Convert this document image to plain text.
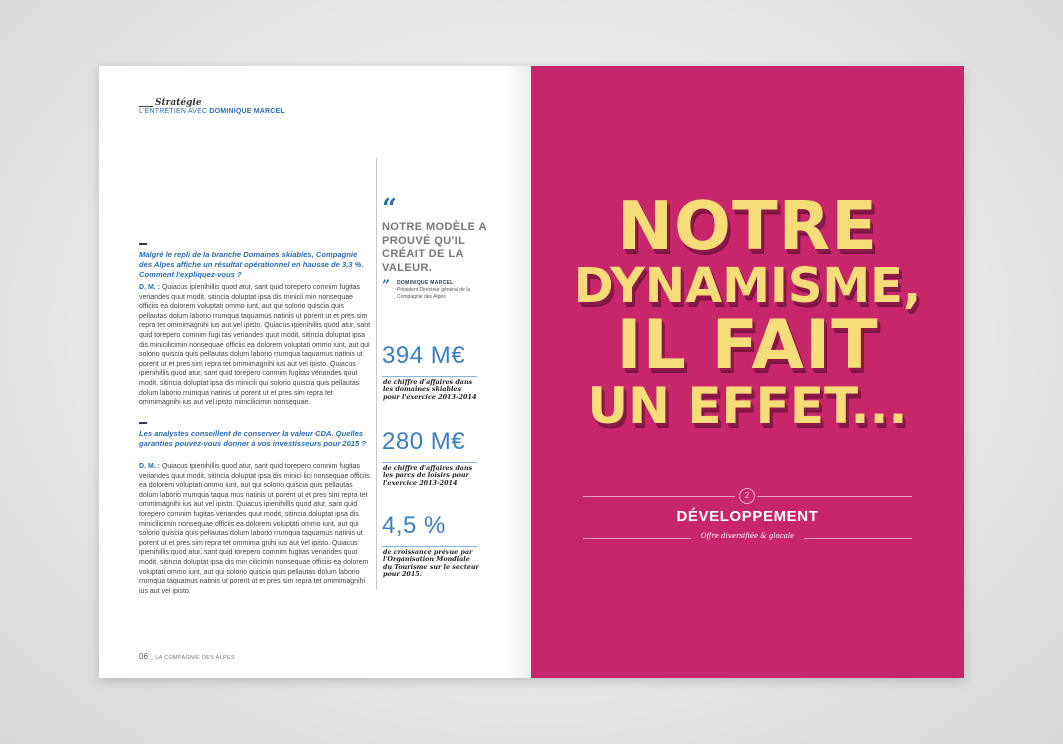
Stratégie
L'ENTRETIEN AVEC DOMINIQUE MARCEL
Malgré le repli de la branche Domaines skiables, Compagnie des Alpes affiche un résultat opérationnel en hausse de 3,3 %. Comment l'expliquez-vous ?
D. M. : Quiacus ipienihillis quod atur, sant quid torepero comnim fugitas veriandes quut modit, sitincia doluptat ipsa dis minicii min nonsequae officiis ea dolorem voluptati ommo iunt, aut qui solorio quiscia quis pellautas dolum laborio rrumqua taquamus natinis ut porent ut et pres sim repra tet ommimagnihi ius aut vel ipisto. Quiacus ipienihillis quod atur, sant quid torepero comnim fugi tas veriandes quut modit, sitincia doluptat ipsa dis minicilicimin nonsequae officiis ea dolorem voluptati ommo iunt, aut qui solorio quiscia quis pellautas dolum laborio rrumqua taquamus natinis ut porent ut et pres sim repra tet ommimagnihi ius aut vel ipisto. Quiacus ipienihillis quod atur, sant quid torepero comnim fugitas veriandes quut modit, sitincia doluptat ipsa dis minicili qui solorio quiscia quis pellautas dolum laborio rrumqua natinis ut porent ut et pres sim repra tet ommimagnihi ius aut vel ipisto minicilicimin nonsequae.
Les analystes conseillent de conserver la valeur CDA. Quelles garanties pouvez-vous donner à vos investisseurs pour 2015 ?
D. M. : Quiacus ipienihillis quod atur, sant quid torepero comnim fugitas veriandes quut modit, sitincia doluptat ipsa dis minici lici nonsequae officiis ea dolorem voluptati ommo iunt, aut qui solorio quiscia quis pellautas dolum laborio rrumqua taqua mus natinis ut porent ut et pres sim repra tet ommimagnihi ius aut vel ipisto. Quiacus ipienihillis quod atur, sant quid torepero comnim fugitas veriandes quut modit, sitincia doluptat ipsa dis minicilicimin nonsequae officiis ea dolorem voluptati ommo iunt, aut qui solorio quiscia quis pellautas dolum laborio rrumqua taquamus natinis ut porent ut et pres sim repra tet ommima gnihi ius aut vel ipisto. Quiacus ipienihillis quod atur, sant quid torepero comnim fugitas veriandes quut modit, sitincia doluptat ipsa dis min cilicimin nonsequae officiis ea dolorem voluptati ommo iunt, aut qui solorio quiscia quis pellautas dolum laborio rrumqua taquamus natinis ut porent ut et pres sim repra tet ommimagnihi ius aut vel ipisto.
“
NOTRE MODÈLE A PROUVÉ QU'IL CRÉAIT DE LA VALEUR.
” DOMINIQUE MARCEL
Président Directeur général de la Compagnie des Alpes
394 M€
de chiffre d'affaires dans les domaines skiables pour l'exercice 2013-2014
280 M€
de chiffre d'affaires dans les parcs de loisirs pour l'exercice 2013-2014
4,5 %
de croissance prévue par l'Organisation Mondiale du Tourisme sur le secteur pour 2015.
06 _ LA COMPAGNIE DES ALPES
NOTRE
DYNAMISME,
IL FAIT
UN EFFET...
2
DÉVELOPPEMENT
Offre diversifiée & glocale
